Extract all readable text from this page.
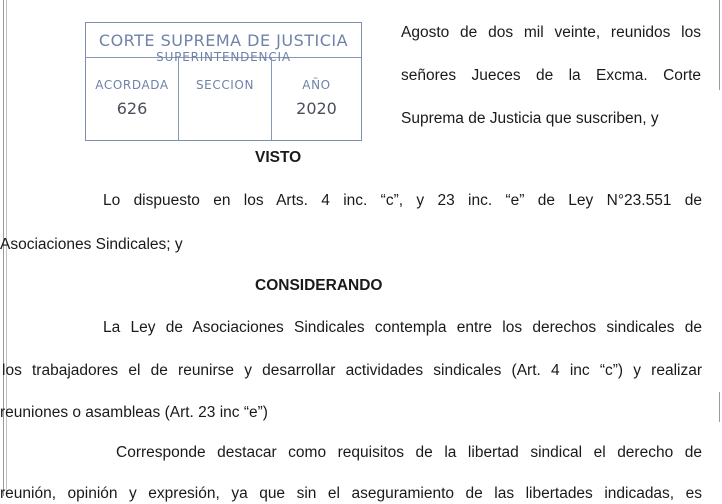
CORTE SUPREMA DE JUSTICIA
SUPERINTENDENCIA
ACORDADA
626
SECCION	AÑO
2020
Agosto de dos mil veinte, reunidos los
señores Jueces de la Excma. Corte
Suprema de Justicia que suscriben, y
VISTO
Lo dispuesto en los Arts. 4 inc. “c”, y 23 inc. “e” de Ley N°23.551 de
Asociaciones Sindicales; y
CONSIDERANDO
La Ley de Asociaciones Sindicales contempla entre los derechos sindicales de
los trabajadores el de reunirse y desarrollar actividades sindicales (Art. 4 inc “c”) y realizar
reuniones o asambleas (Art. 23 inc “e”)
Corresponde destacar como requisitos de la libertad sindical el derecho de
reunión, opinión y expresión, ya que sin el aseguramiento de las libertades indicadas, es
